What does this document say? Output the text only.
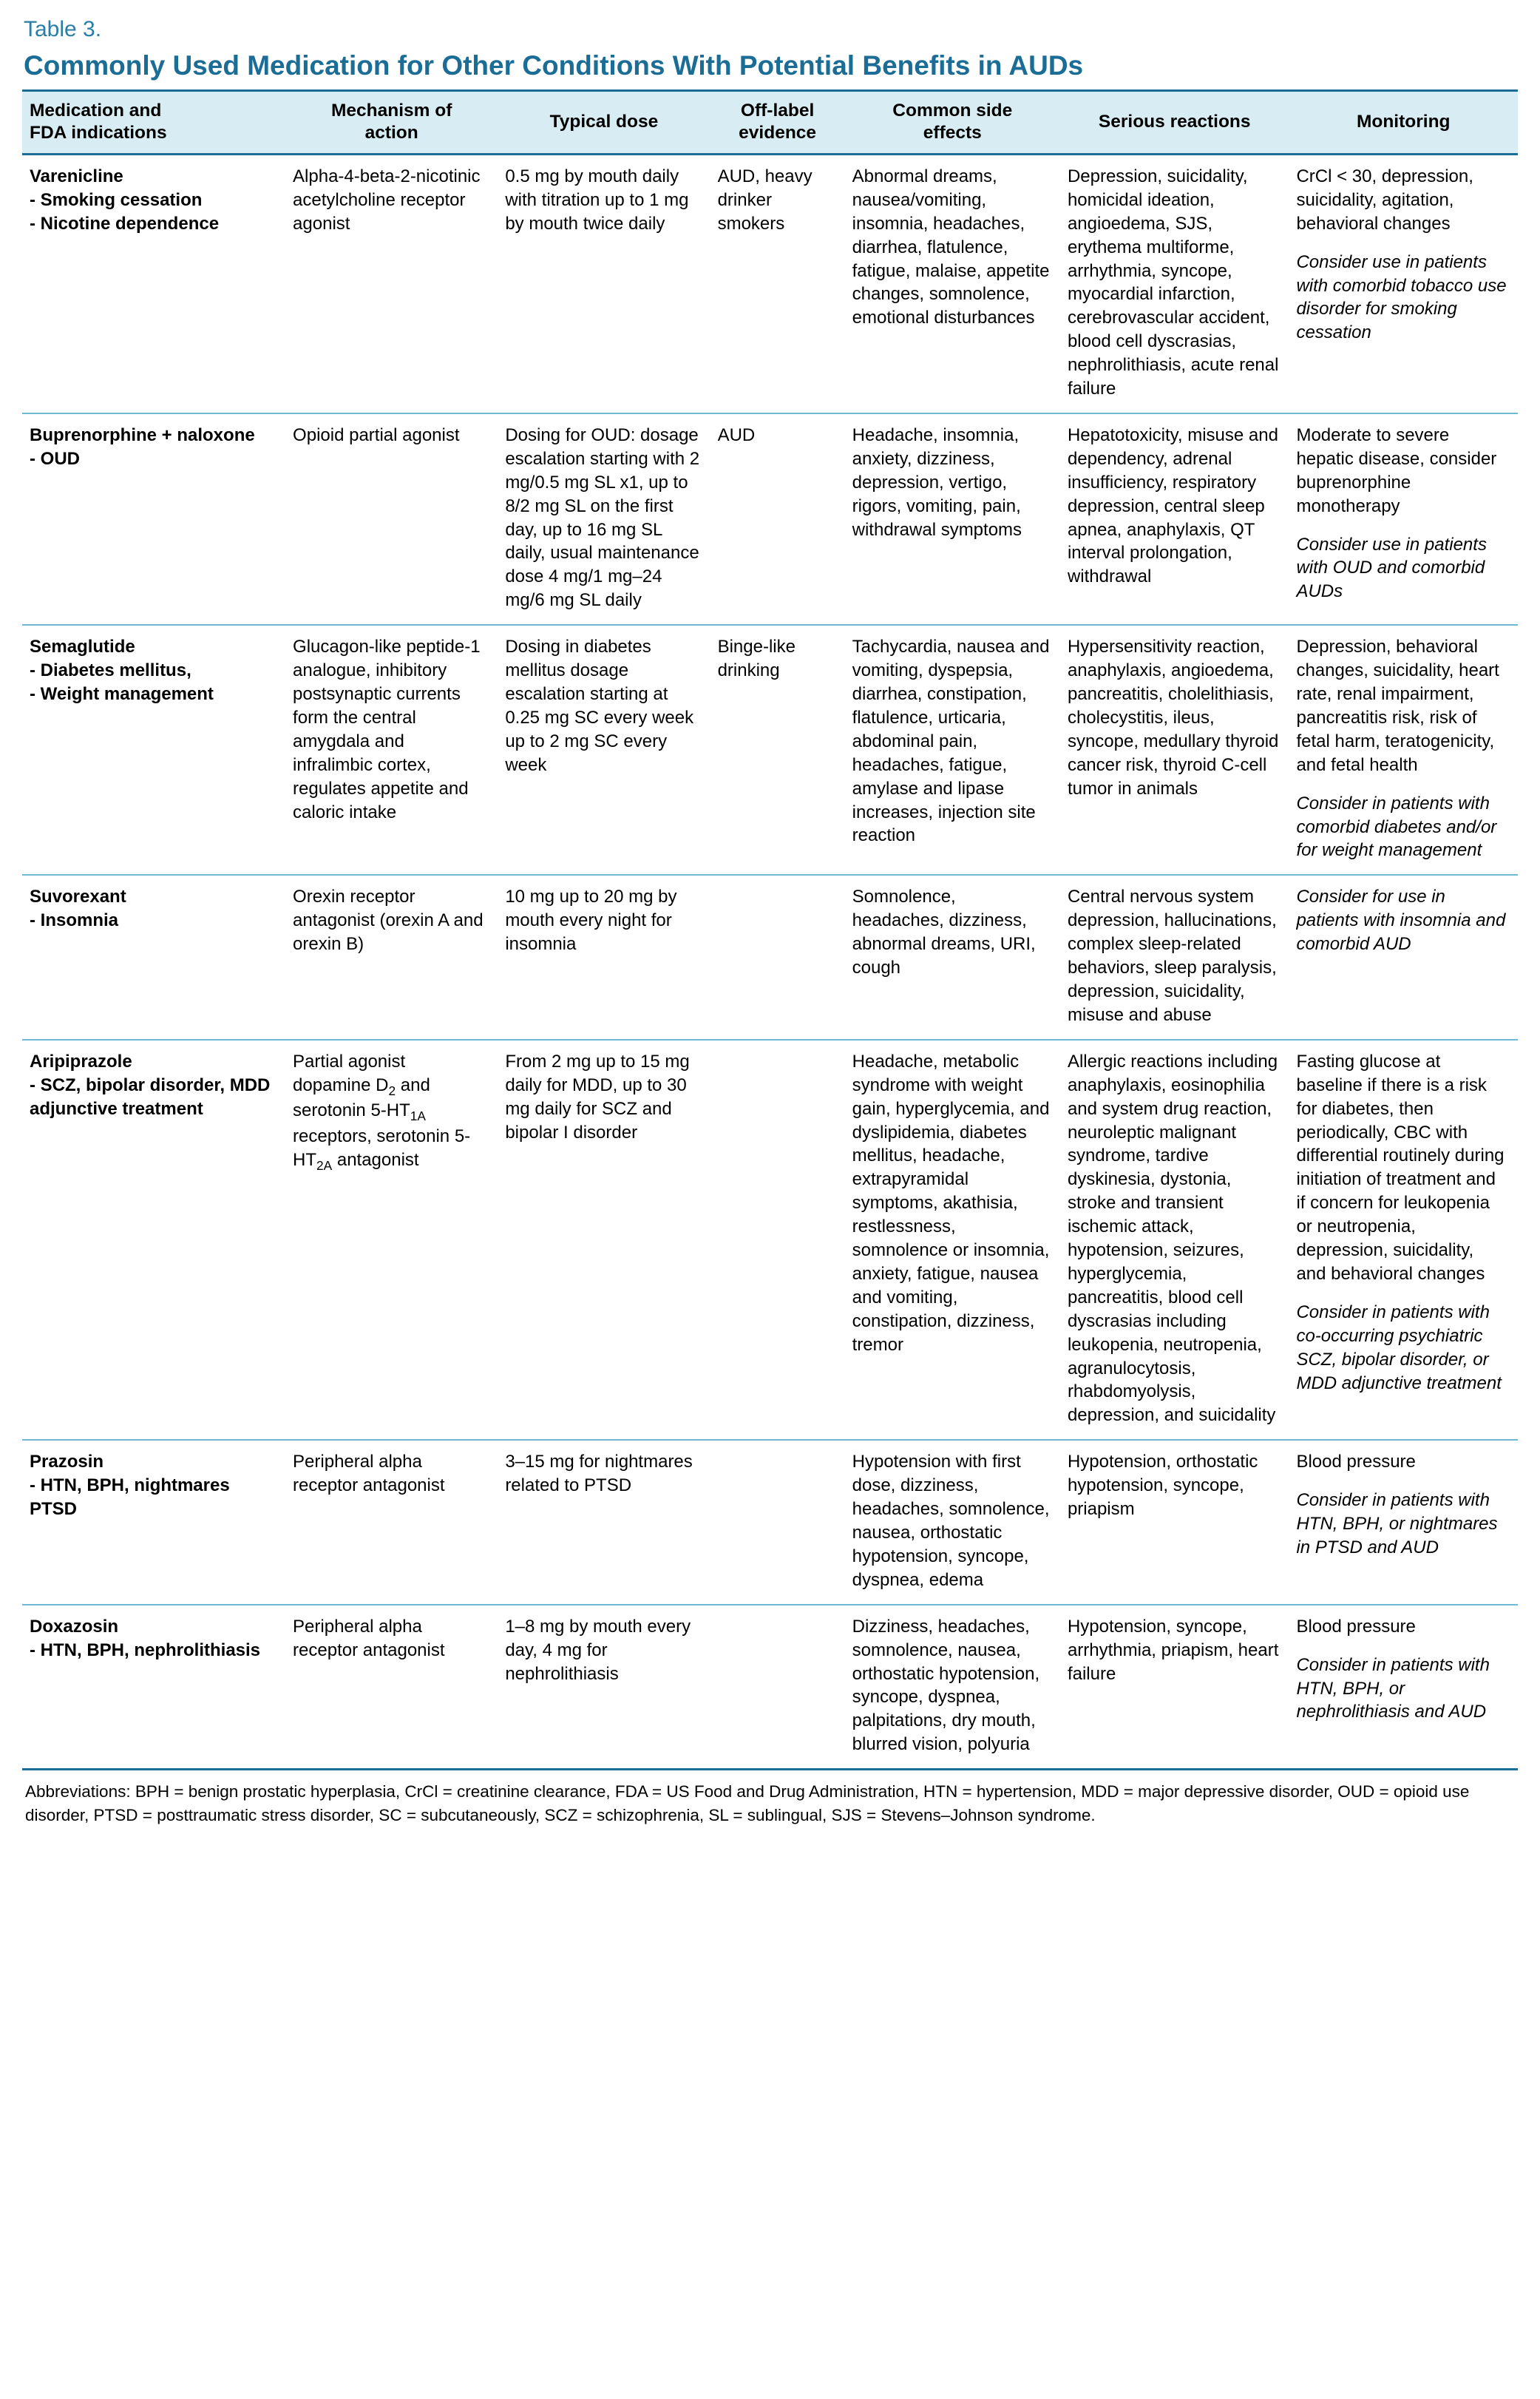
Table 3.
Commonly Used Medication for Other Conditions With Potential Benefits in AUDs
Medication and
FDA indications	Mechanism of
action	Typical dose	Off-label
evidence	Common side
effects	Serious reactions	Monitoring
Varenicline
- Smoking cessation
- Nicotine dependence
	Alpha-4-beta-2-nicotinic acetylcholine receptor agonist	0.5 mg by mouth daily with titration up to 1 mg by mouth twice daily	AUD, heavy drinker smokers	Abnormal dreams, nausea/vomiting, insomnia, headaches, diarrhea, flatulence, fatigue, malaise, appetite changes, somnolence, emotional disturbances	Depression, suicidality, homicidal ideation, angioedema, SJS, erythema multiforme, arrhythmia, syncope, myocardial infarction, cerebrovascular accident, blood cell dyscrasias, nephrolithiasis, acute renal failure	CrCl < 30, depression, suicidality, agitation, behavioral changes
Consider use in patients with comorbid tobacco use disorder for smoking cessation

Buprenorphine + naloxone
- OUD	Opioid partial agonist	Dosing for OUD: dosage escalation starting with 2 mg/0.5 mg SL x1, up to 8/2 mg SL on the first day, up to 16 mg SL daily, usual maintenance dose 4 mg/1 mg–24 mg/6 mg SL daily	AUD	Headache, insomnia, anxiety, dizziness, depression, vertigo, rigors, vomiting, pain, withdrawal symptoms	Hepatotoxicity, misuse and dependency, adrenal insufficiency, respiratory depression, central sleep apnea, anaphylaxis, QT interval prolongation, withdrawal	Moderate to severe hepatic disease, consider buprenorphine monotherapy
Consider use in patients with OUD and comorbid AUDs

Semaglutide
- Diabetes mellitus,
- Weight management
	Glucagon-like peptide-1 analogue, inhibitory postsynaptic currents form the central amygdala and infralimbic cortex, regulates appetite and caloric intake	Dosing in diabetes mellitus dosage escalation starting at 0.25 mg SC every week up to 2 mg SC every week	Binge-like drinking	Tachycardia, nausea and vomiting, dyspepsia, diarrhea, constipation, flatulence, urticaria, abdominal pain, headaches, fatigue, amylase and lipase increases, injection site reaction	Hypersensitivity reaction, anaphylaxis, angioedema, pancreatitis, cholelithiasis, cholecystitis, ileus, syncope, medullary thyroid cancer risk, thyroid C-cell tumor in animals	Depression, behavioral changes, suicidality, heart rate, renal impairment, pancreatitis risk, risk of fetal harm, teratogenicity, and fetal health
Consider in patients with comorbid diabetes and/or for weight management

Suvorexant
- Insomnia	Orexin receptor antagonist (orexin A and orexin B)	10 mg up to 20 mg by mouth every night for insomnia		Somnolence, headaches, dizziness, abnormal dreams, URI, cough	Central nervous system depression, hallucinations, complex sleep-related behaviors, sleep paralysis, depression, suicidality, misuse and abuse	Consider for use in patients with insomnia and comorbid AUD
Aripiprazole
- SCZ, bipolar disorder, MDD adjunctive treatment
	Partial agonist dopamine $D_2$ and serotonin $5-HT_{1A}$ receptors, serotonin $5-HT_{2A}$ antagonist	From 2 mg up to 15 mg daily for MDD, up to 30 mg daily for SCZ and bipolar I disorder		Headache, metabolic syndrome with weight gain, hyperglycemia, and dyslipidemia, diabetes mellitus, headache, extrapyramidal symptoms, akathisia, restlessness, somnolence or insomnia, anxiety, fatigue, nausea and vomiting, constipation, dizziness, tremor	Allergic reactions including anaphylaxis, eosinophilia and system drug reaction, neuroleptic malignant syndrome, tardive dyskinesia, dystonia, stroke and transient ischemic attack, hypotension, seizures, hyperglycemia, pancreatitis, blood cell dyscrasias including leukopenia, neutropenia, agranulocytosis, rhabdomyolysis, depression, and suicidality	Fasting glucose at baseline if there is a risk for diabetes, then periodically, CBC with differential routinely during initiation of treatment and if concern for leukopenia or neutropenia, depression, suicidality, and behavioral changes
Consider in patients with co-occurring psychiatric SCZ, bipolar disorder, or MDD adjunctive treatment

Prazosin
- HTN, BPH, nightmares PTSD	Peripheral alpha receptor antagonist	3–15 mg for nightmares related to PTSD		Hypotension with first dose, dizziness, headaches, somnolence, nausea, orthostatic hypotension, syncope, dyspnea, edema	Hypotension, orthostatic hypotension, syncope, priapism	Blood pressure
Consider in patients with HTN, BPH, or nightmares in PTSD and AUD

Doxazosin
- HTN, BPH, nephrolithiasis	Peripheral alpha receptor antagonist	1–8 mg by mouth every day, 4 mg for nephrolithiasis		Dizziness, headaches, somnolence, nausea, orthostatic hypotension, syncope, dyspnea, palpitations, dry mouth, blurred vision, polyuria	Hypotension, syncope, arrhythmia, priapism, heart failure	Blood pressure
Consider in patients with HTN, BPH, or nephrolithiasis and AUD
Abbreviations: BPH = benign prostatic hyperplasia, CrCl = creatinine clearance, FDA = US Food and Drug Administration, HTN = hypertension, MDD = major depressive disorder, OUD = opioid use disorder, PTSD = posttraumatic stress disorder, SC = subcutaneously, SCZ = schizophrenia, SL = sublingual, SJS = Stevens–Johnson syndrome.
